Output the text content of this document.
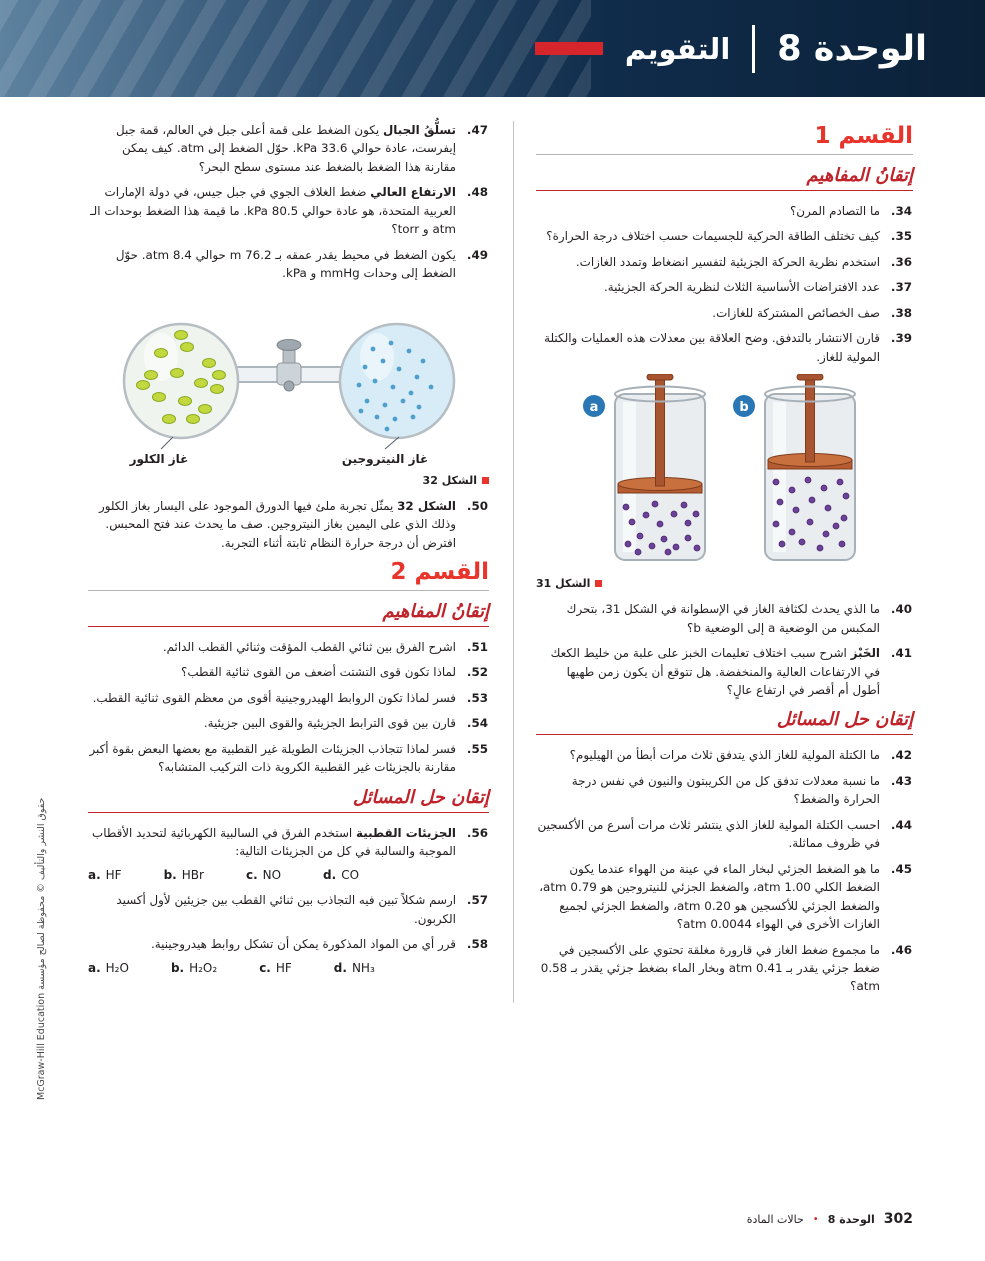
الوحدة 8
التقويم
القسم 1
إتقانُ المفاهيم
34.
ما التصادم المرن؟
35.
كيف تختلف الطاقة الحركية للجسيمات حسب اختلاف درجة الحرارة؟
36.
استخدم نظرية الحركة الجزيئية لتفسير انضغاط وتمدد الغازات.
37.
عدد الافتراضات الأساسية الثلاث لنظرية الحركة الجزيئية.
38.
صف الخصائص المشتركة للغازات.
39.
قارن الانتشار بالتدفق. وضح العلاقة بين معدلات هذه العمليات والكتلة المولية للغاز.
a	b
الشكل 31
40.
ما الذي يحدث لكثافة الغاز في الإسطوانة في الشكل 31، بتحرك المكبس من الوضعية a إلى الوضعية b؟
41.
الخَبْز اشرح سبب اختلاف تعليمات الخبز على علبة من خليط الكعك في الارتفاعات العالية والمنخفضة. هل تتوقع أن يكون زمن طهيها أطول أم أقصر في ارتفاع عالٍ؟
إتقان حل المسائل
42.
ما الكتلة المولية للغاز الذي يتدفق ثلاث مرات أبطأ من الهيليوم؟
43.
ما نسبة معدلات تدفق كل من الكريبتون والنيون في نفس درجة الحرارة والضغط؟
44.
احسب الكتلة المولية للغاز الذي ينتشر ثلاث مرات أسرع من الأكسجين في ظروف مماثلة.
45.
ما هو الضغط الجزئي لبخار الماء في عينة من الهواء عندما يكون الضغط الكلي 1.00 atm، والضغط الجزئي للنيتروجين هو 0.79 atm، والضغط الجزئي للأكسجين هو 0.20 atm، والضغط الجزئي لجميع الغازات الأخرى في الهواء 0.0044 atm؟
46.
ما مجموع ضغط الغاز في قارورة مغلقة تحتوي على الأكسجين في ضغط جزئي يقدر بـ 0.41 atm وبخار الماء بضغط جزئي يقدر بـ 0.58 atm؟
47.
تسلُّقُ الجبال يكون الضغط على قمة أعلى جبل في العالم، قمة جبل إيفرست، عادة حوالي 33.6 kPa. حوّل الضغط إلى atm. كيف يمكن مقارنة هذا الضغط بالضغط عند مستوى سطح البحر؟
48.
الارتفاع العالي ضغط الغلاف الجوي في جبل جيس، في دولة الإمارات العربية المتحدة، هو عادة حوالي 80.5 kPa. ما قيمة هذا الضغط بوحدات الـ atm و torr؟
49.
يكون الضغط في محيط يقدر عمقه بـ 76.2 m حوالي 8.4 atm. حوّل الضغط إلى وحدات mmHg و kPa.
غاز الكلور	غاز النيتروجين
الشكل 32
50.
الشكل 32 يمثّل تجربة ملئ فيها الدورق الموجود على اليسار بغاز الكلور وذلك الذي على اليمين بغاز النيتروجين. صف ما يحدث عند فتح المحبس. افترض أن درجة حرارة النظام ثابتة أثناء التجربة.
القسم 2
إتقانُ المفاهيم
51.
اشرح الفرق بين ثنائي القطب المؤقت وثنائي القطب الدائم.
52.
لماذا تكون قوى التشتت أضعف من القوى ثنائية القطب؟
53.
فسر لماذا تكون الروابط الهيدروجينية أقوى من معظم القوى ثنائية القطب.
54.
قارن بين قوى الترابط الجزيئية والقوى البين جزيئية.
55.
فسر لماذا تتجاذب الجزيئات الطويلة غير القطبية مع بعضها البعض بقوة أكبر مقارنة بالجزيئات غير القطبية الكروية ذات التركيب المتشابه؟
إتقان حل المسائل
56.
الجزيئات القطبية استخدم الفرق في السالبية الكهربائية لتحديد الأقطاب الموجبة والسالبة في كل من الجزيئات التالية:
a. HF	b. HBr	c. NO	d. CO
57.
ارسم شكلاً تبين فيه التجاذب بين ثنائي القطب بين جزيئين لأول أكسيد الكربون.
58.
قرر أي من المواد المذكورة يمكن أن تشكل روابط هيدروجينية.
a. H₂O	b. H₂O₂	c. HF	d. NH₃
302
الوحدة 8
•
حالات المادة
حقوق النشر والتأليف © محفوظة لصالح مؤسسة McGraw-Hill Education
